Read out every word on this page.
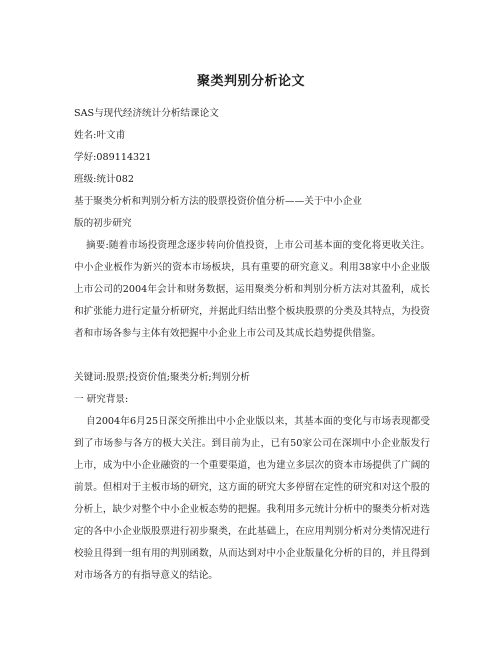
聚类判别分析论文
SAS与现代经济统计分析结课论文
姓名:叶文甫
学好:089114321
班级:统计082
基于聚类分析和判别分析方法的股票投资价值分析——关于中小企业
版的初步研究

摘要:随着市场投资理念逐步转向价值投资，上市公司基本面的变化将更收关注。中小企业板作为新兴的资本市场板块，具有重要的研究意义。利用38家中小企业版上市公司的2004年会计和财务数据，运用聚类分析和判别分析方法对其盈利，成长和扩张能力进行定量分析研究，并据此归结出整个板块股票的分类及其特点，为投资者和市场各参与主体有效把握中小企业上市公司及其成长趋势提供借鉴。

关键词:股票;投资价值;聚类分析;判别分析
一 研究背景:

自2004年6月25日深交所推出中小企业版以来，其基本面的变化与市场表现都受到了市场参与各方的极大关注。到目前为止，已有50家公司在深圳中小企业版发行上市，成为中小企业融资的一个重要渠道，也为建立多层次的资本市场提供了广阔的前景。但相对于主板市场的研究，这方面的研究大多停留在定性的研究和对这个股的分析上，缺少对整个中小企业板态势的把握。我利用多元统计分析中的聚类分析对选定的各中小企业版股票进行初步聚类，在此基础上，在应用判别分析对分类情况进行校验且得到一组有用的判别函数，从而达到对中小企业版量化分析的目的，并且得到对市场各方的有指导意义的结论。
